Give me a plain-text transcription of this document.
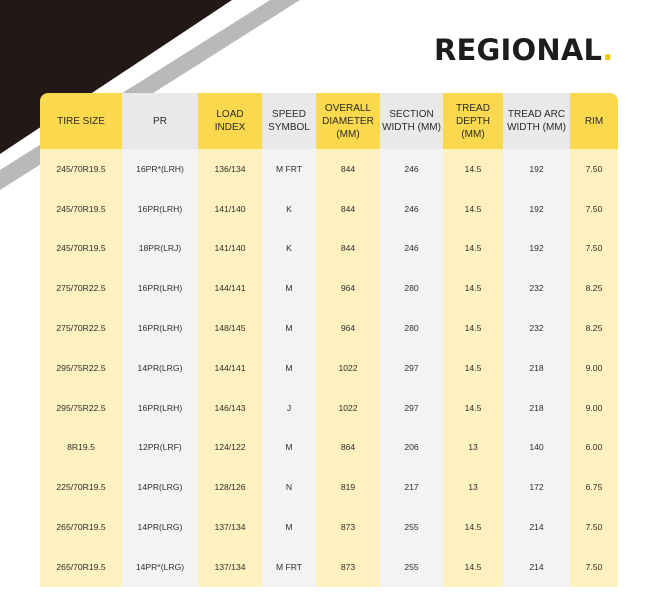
REGIONAL.
TIRE SIZE	PR	LOAD INDEX	SPEED SYMBOL	OVERALL DIAMETER (MM)	SECTION WIDTH (MM)	TREAD DEPTH (MM)	TREAD ARC WIDTH (MM)	RIM
245/70R19.5	16PR*(LRH)	136/134	M FRT	844	246	14.5	192	7.50
245/70R19.5	16PR(LRH)	141/140	K	844	246	14.5	192	7.50
245/70R19.5	18PR(LRJ)	141/140	K	844	246	14.5	192	7.50
275/70R22.5	16PR(LRH)	144/141	M	964	280	14.5	232	8.25
275/70R22.5	16PR(LRH)	148/145	M	964	280	14.5	232	8.25
295/75R22.5	14PR(LRG)	144/141	M	1022	297	14.5	218	9.00
295/75R22.5	16PR(LRH)	146/143	J	1022	297	14.5	218	9.00
8R19.5	12PR(LRF)	124/122	M	864	206	13	140	6.00
225/70R19.5	14PR(LRG)	128/126	N	819	217	13	172	6.75
265/70R19.5	14PR(LRG)	137/134	M	873	255	14.5	214	7.50
265/70R19.5	14PR*(LRG)	137/134	M FRT	873	255	14.5	214	7.50
